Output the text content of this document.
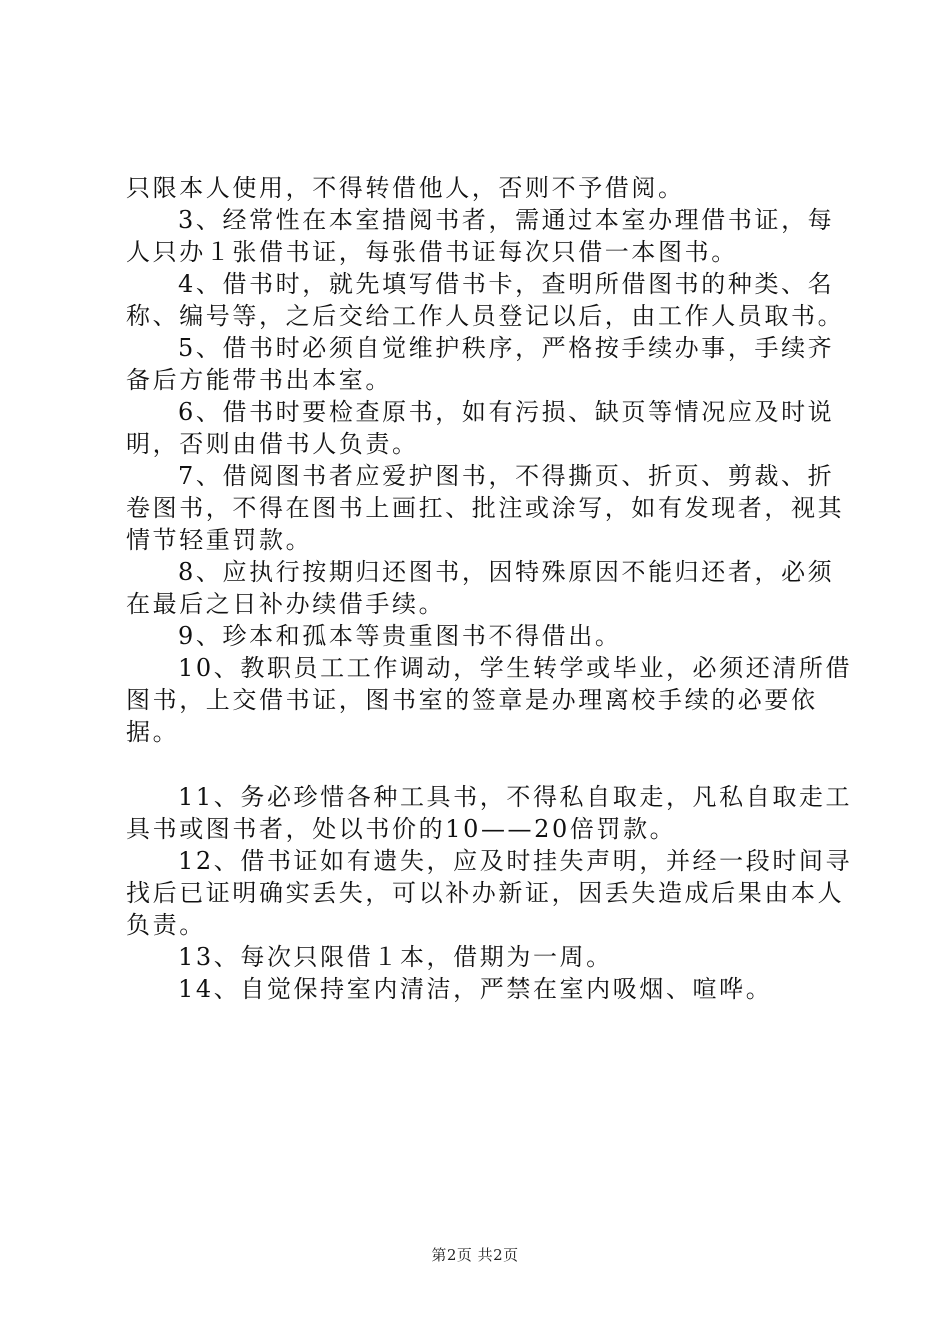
只限本人使用，不得转借他人，否则不予借阅。

3、经常性在本室措阅书者，需通过本室办理借书证，每人只办１张借书证，每张借书证每次只借一本图书。

4、借书时，就先填写借书卡，查明所借图书的种类、名称、编号等，之后交给工作人员登记以后，由工作人员取书。

5、借书时必须自觉维护秩序，严格按手续办事，手续齐备后方能带书出本室。

6、借书时要检查原书，如有污损、缺页等情况应及时说明，否则由借书人负责。

7、借阅图书者应爱护图书，不得撕页、折页、剪裁、折卷图书，不得在图书上画扛、批注或涂写，如有发现者，视其情节轻重罚款。

8、应执行按期归还图书，因特殊原因不能归还者，必须在最后之日补办续借手续。

9、珍本和孤本等贵重图书不得借出。

10、教职员工工作调动，学生转学或毕业，必须还清所借图书，上交借书证，图书室的签章是办理离校手续的必要依据。

11、务必珍惜各种工具书，不得私自取走，凡私自取走工具书或图书者，处以书价的10——20倍罚款。

12、借书证如有遗失，应及时挂失声明，并经一段时间寻找后已证明确实丢失，可以补办新证，因丢失造成后果由本人负责。

13、每次只限借１本，借期为一周。

14、自觉保持室内清洁，严禁在室内吸烟、喧哗。

第2页 共2页
